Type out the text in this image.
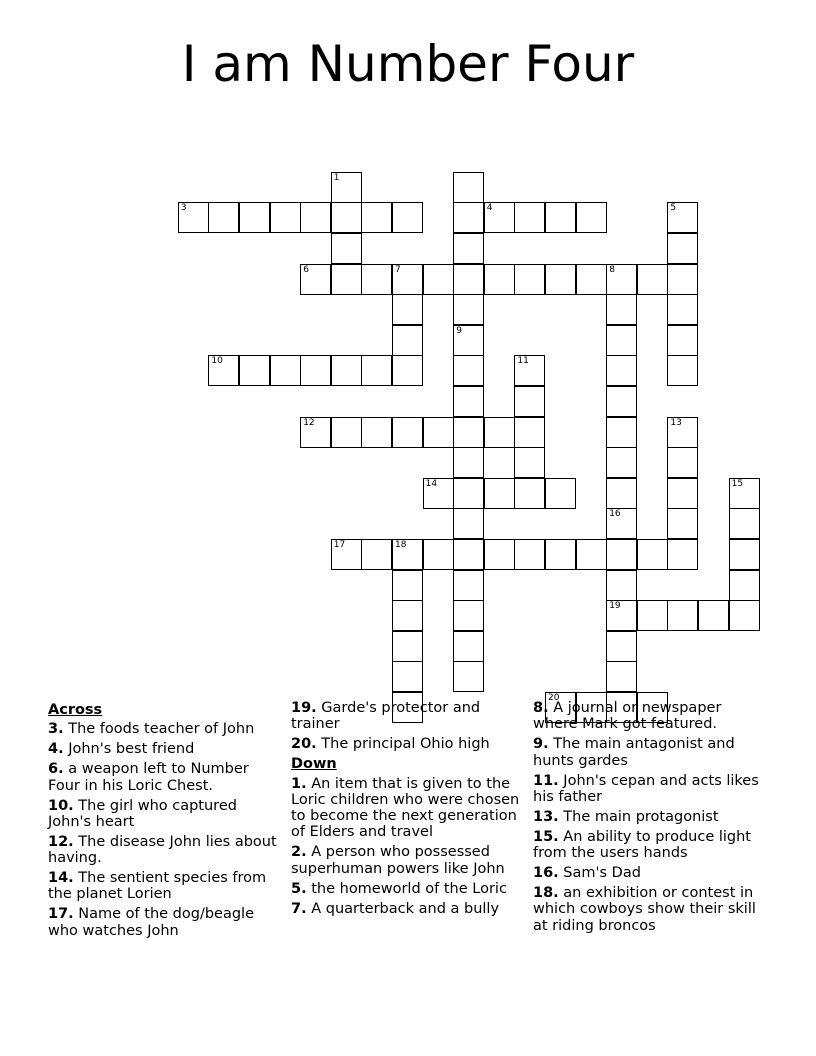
I am Number Four
1
3	4	5
6	7	8
10
9
11
12	13
14	15
17	18
16
19
20
Across
3. The foods teacher of John
4. John's best friend
6. a weapon left to Number Four in his Loric Chest.
10. The girl who captured John's heart
12. The disease John lies about having.
14. The sentient species from the planet Lorien
17. Name of the dog/beagle who watches John
19. Garde's protector and trainer
20. The principal Ohio high
Down
1. An item that is given to the Loric children who were chosen to become the next generation of Elders and travel
2. A person who possessed superhuman powers like John
5. the homeworld of the Loric
7. A quarterback and a bully
8. A journal or newspaper where Mark got featured.
9. The main antagonist and hunts gardes
11. John's cepan and acts likes his father
13. The main protagonist
15. An ability to produce light from the users hands
16. Sam's Dad
18. an exhibition or contest in which cowboys show their skill at riding broncos
